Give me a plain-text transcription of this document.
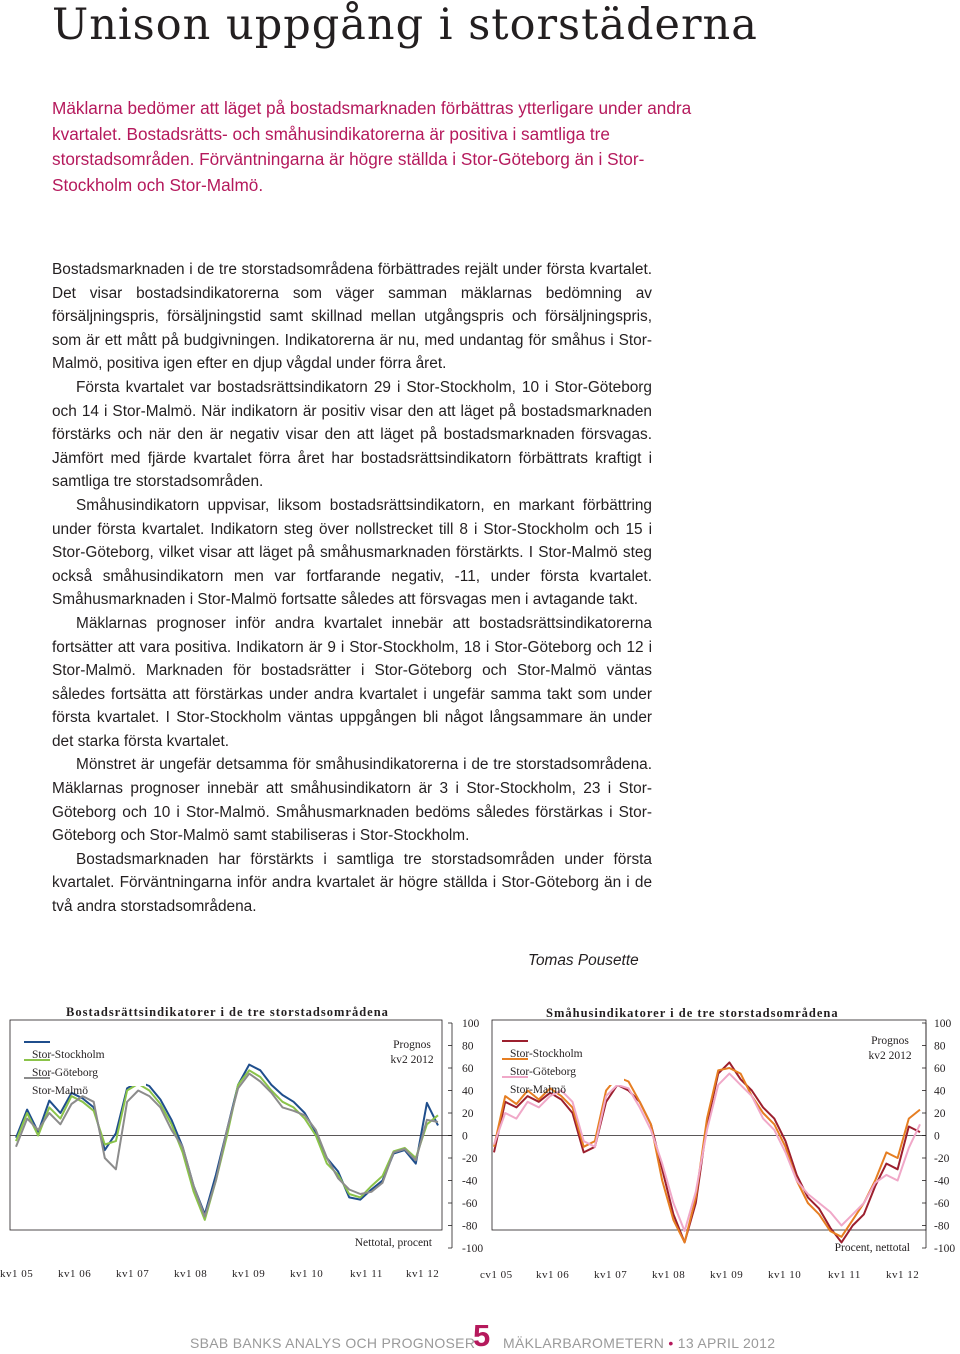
Unison uppgång i storstäderna

Mäklarna bedömer att läget på bostadsmarknaden förbättras ytterligare under andra kvartalet. Bostadsrätts- och småhusindikatorerna är positiva i samtliga tre storstadsområden. Förväntningarna är högre ställda i Stor-Göteborg än i Stor-Stockholm och Stor-Malmö.

Bostadsmarknaden i de tre storstadsområdena förbättrades rejält under första kvartalet. Det visar bostadsindikatorerna som väger samman mäklarnas bedömning av försäljningspris, försäljningstid samt skillnad mellan utgångspris och försäljningspris, som är ett mått på budgivningen. Indikatorerna är nu, med undantag för småhus i Stor-Malmö, positiva igen efter en djup vågdal under förra året.

Första kvartalet var bostadsrättsindikatorn 29 i Stor-Stockholm, 10 i Stor-Göteborg och 14 i Stor-Malmö. När indikatorn är positiv visar den att läget på bostadsmarknaden förstärks och när den är negativ visar den att läget på bostadsmarknaden försvagas. Jämfört med fjärde kvartalet förra året har bostadsrättsindikatorn förbättrats kraftigt i samtliga tre storstadsområden.

Småhusindikatorn uppvisar, liksom bostadsrättsindikatorn, en markant förbättring under första kvartalet. Indikatorn steg över nollstrecket till 8 i Stor-Stockholm och 15 i Stor-Göteborg, vilket visar att läget på småhusmarknaden förstärkts. I Stor-Malmö steg också småhusindikatorn men var fortfarande negativ, -11, under första kvartalet. Småhusmarknaden i Stor-Malmö fortsatte således att försvagas men i avtagande takt.

Mäklarnas prognoser inför andra kvartalet innebär att bostadsrättsindikatorerna fortsätter att vara positiva. Indikatorn är 9 i Stor-Stockholm, 18 i Stor-Göteborg och 12 i Stor-Malmö. Marknaden för bostadsrätter i Stor-Göteborg och Stor-Malmö väntas således fortsätta att förstärkas under andra kvartalet i ungefär samma takt som under första kvartalet. I Stor-Stockholm väntas uppgången bli något långsammare än under det starka första kvartalet.

Mönstret är ungefär detsamma för småhusindikatorerna i de tre storstadsområdena. Mäklarnas prognoser innebär att småhusindikatorn är 3 i Stor-Stockholm, 23 i Stor-Göteborg och 10 i Stor-Malmö. Småhusmarknaden bedöms således förstärkas i Stor-Göteborg och Stor-Malmö samt stabiliseras i Stor-Stockholm.

Bostadsmarknaden har förstärkts i samtliga tre storstadsområden under första kvartalet. Förväntningarna inför andra kvartalet är högre ställda i Stor-Göteborg än i de två andra storstadsområdena.

Tomas Pousette
Bostadsrättsindikatorer i de tre storstadsområdena
100
80
60
40
20
0
-20
-40
-60
-80
-100
kv1 05 kv1 06 kv1 07 kv1 08 kv1 09 kv1 10 kv1 11 kv1 12
Stor-Stockholm
Stor-Göteborg
Stor-Malmö
Prognos
kv2 2012
Nettotal, procent
Småhusindikatorer i de tre storstadsområdena
100
80
60
40
20
0
-20
-40
-60
-80
-100
cv1 05 kv1 06 kv1 07 kv1 08 kv1 09 kv1 10 kv1 11 kv1 12
Stor-Stockholm
Stor-Göteborg
Stor-Malmö
Prognos
kv2 2012
Procent, nettotal
SBAB BANKS ANALYS OCH PROGNOSER
5 MÄKLARBAROMETERN • 13 APRIL 2012
